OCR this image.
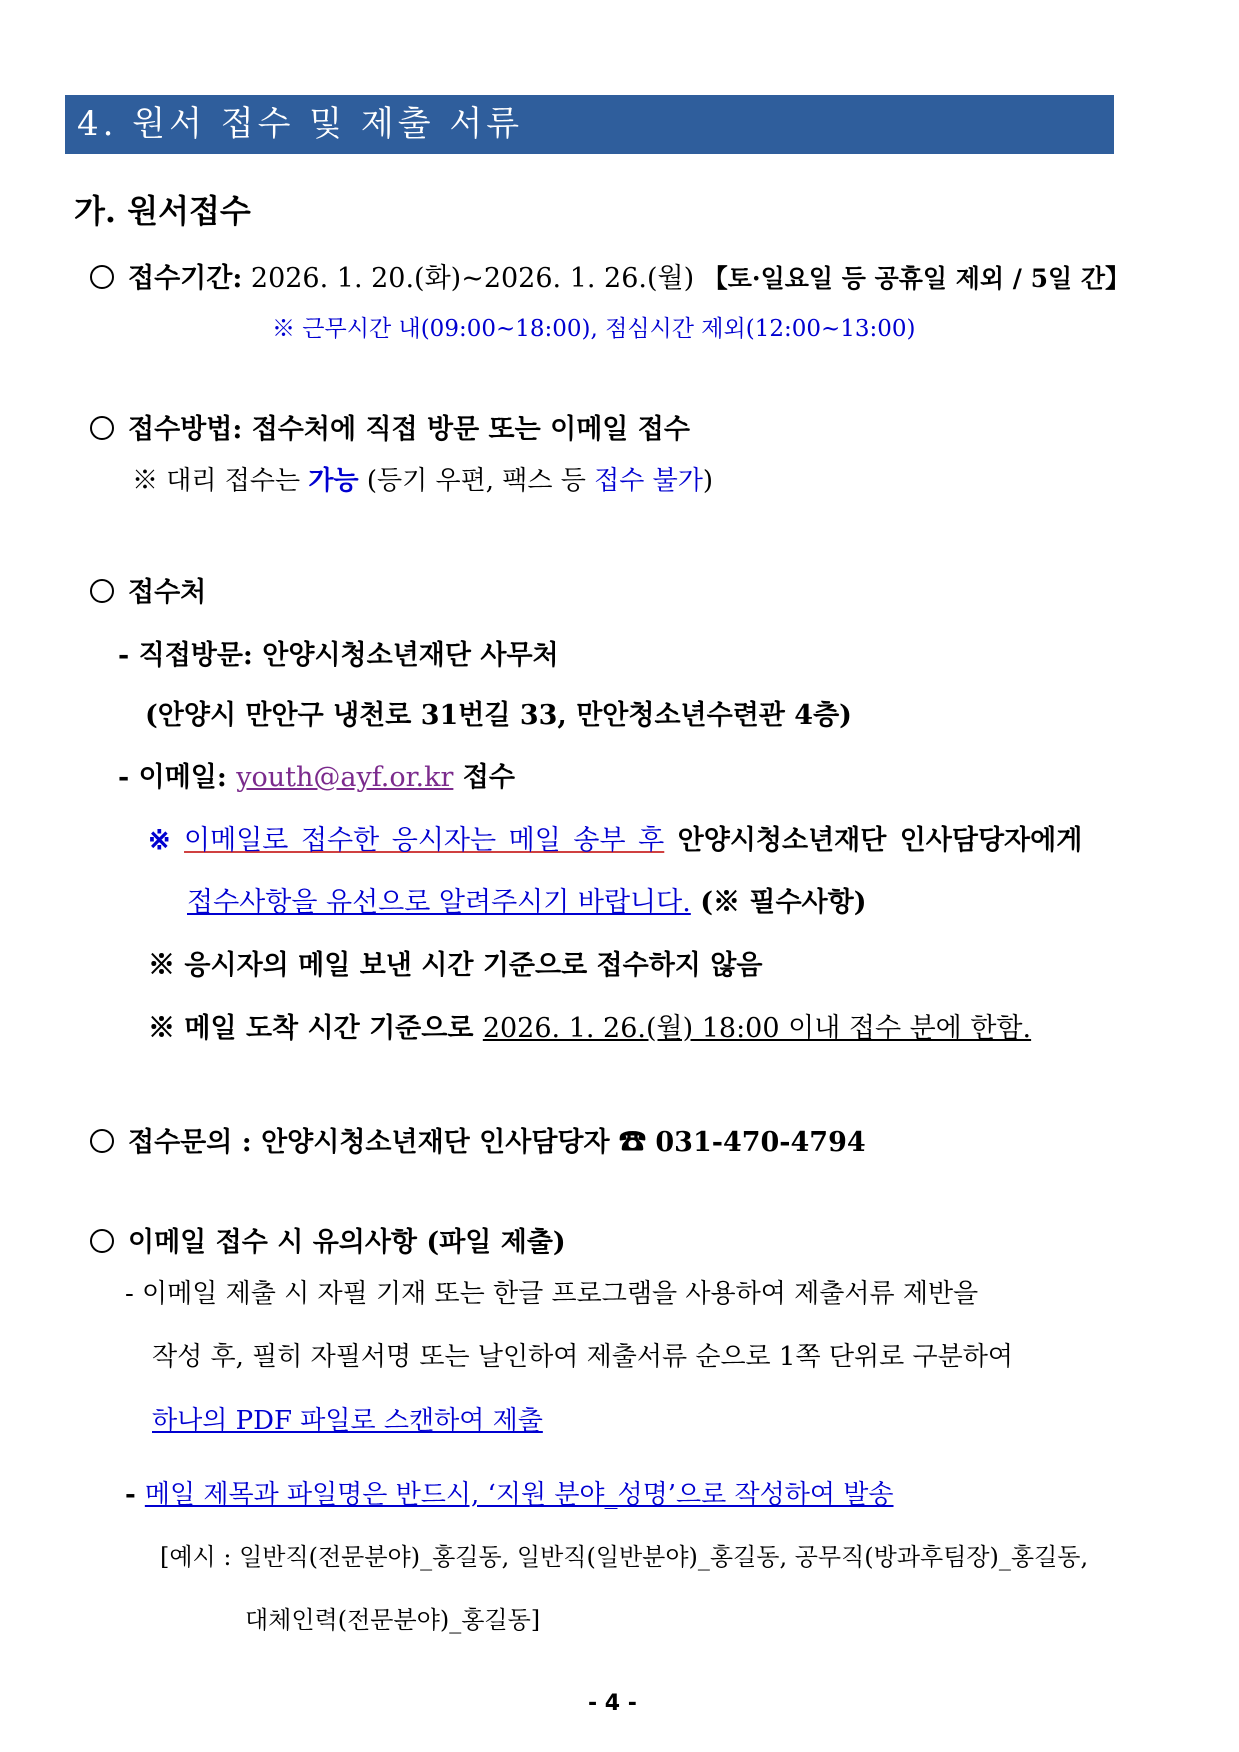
4. 원서 접수 및 제출 서류
가. 원서접수
접수기간: 2026. 1. 20.(화)~2026. 1. 26.(월) 【토·일요일 등 공휴일 제외 / 5일 간】
※ 근무시간 내(09:00~18:00), 점심시간 제외(12:00~13:00)
접수방법: 접수처에 직접 방문 또는 이메일 접수
※ 대리 접수는 가능 (등기 우편, 팩스 등 접수 불가)
접수처
- 직접방문: 안양시청소년재단 사무처
(안양시 만안구 냉천로 31번길 33, 만안청소년수련관 4층)
- 이메일: youth@ayf.or.kr 접수
※ 이메일로 접수한 응시자는 메일 송부 후 안양시청소년재단 인사담당자에게
접수사항을 유선으로 알려주시기 바랍니다. (※ 필수사항)
※ 응시자의 메일 보낸 시간 기준으로 접수하지 않음
※ 메일 도착 시간 기준으로 2026. 1. 26.(월) 18:00 이내 접수 분에 한함.
접수문의 : 안양시청소년재단 인사담당자 ☎ 031-470-4794
이메일 접수 시 유의사항 (파일 제출)
- 이메일 제출 시 자필 기재 또는 한글 프로그램을 사용하여 제출서류 제반을
작성 후, 필히 자필서명 또는 날인하여 제출서류 순으로 1쪽 단위로 구분하여
하나의 PDF 파일로 스캔하여 제출
- 메일 제목과 파일명은 반드시, ‘지원 분야_성명’으로 작성하여 발송
[예시 : 일반직(전문분야)_홍길동, 일반직(일반분야)_홍길동, 공무직(방과후팀장)_홍길동,
대체인력(전문분야)_홍길동]
- 4 -
